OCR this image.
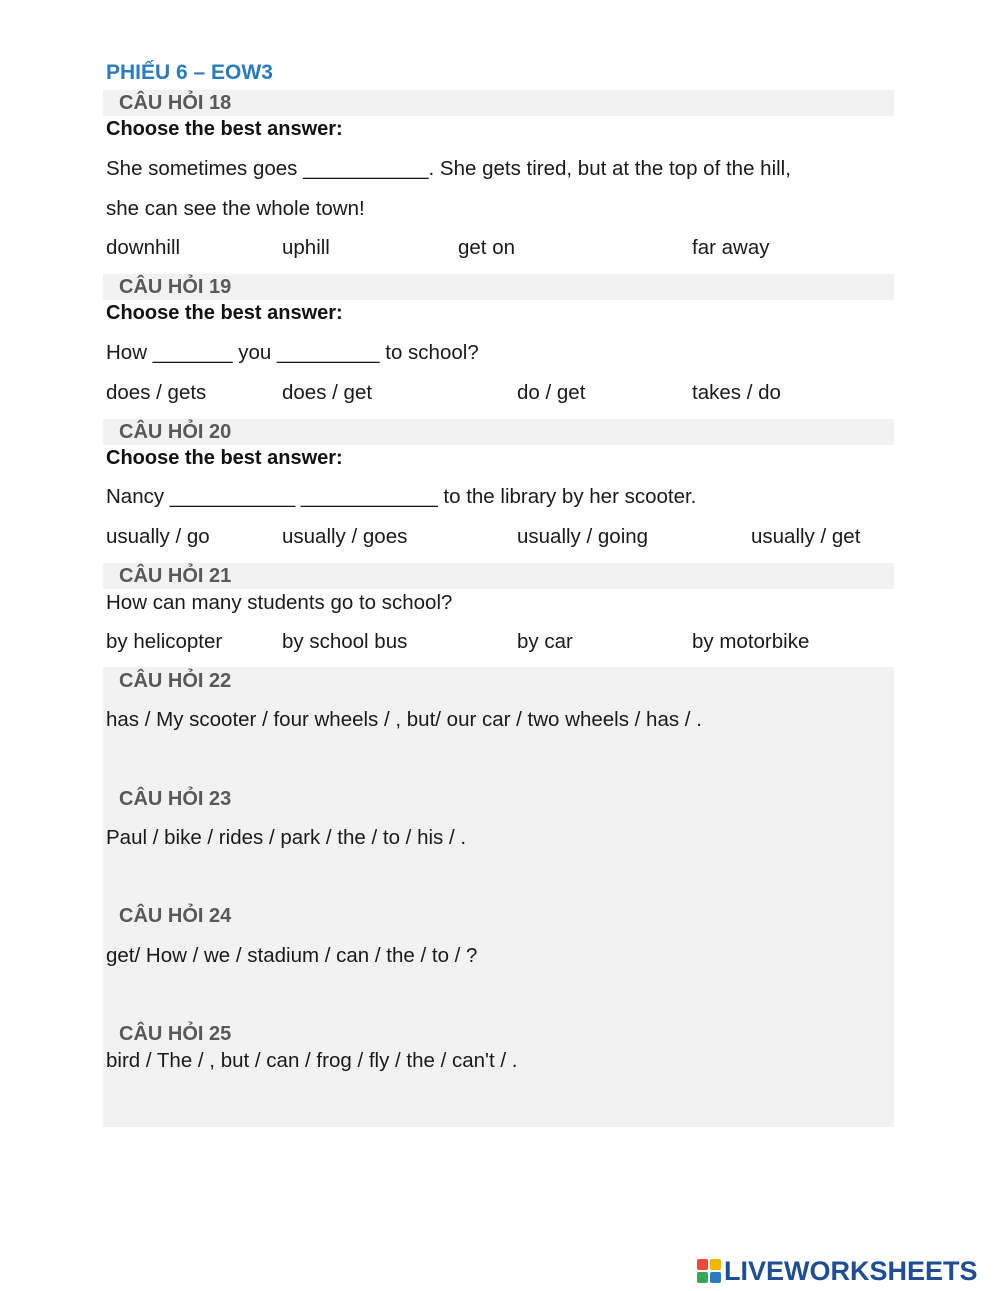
PHIẾU 6 – EOW3
CÂU HỎI 18
Choose the best answer:
She sometimes goes ___________. She gets tired, but at the top of the hill,
she can see the whole town!
downhill	uphill	get on	far away
CÂU HỎI 19
Choose the best answer:
How _______ you _________ to school?
does / gets	does / get	do / get	takes / do
CÂU HỎI 20
Choose the best answer:
Nancy ___________ ____________ to the library by her scooter.
usually / go	usually / goes	usually / going	usually / get
CÂU HỎI 21
How can many students go to school?
by helicopter	by school bus	by car	by motorbike
CÂU HỎI 22
has / My scooter / four wheels / , but/ our car / two wheels / has / .
CÂU HỎI 23
Paul / bike / rides / park / the / to / his / .
CÂU HỎI 24
get/ How / we / stadium / can / the / to / ?
CÂU HỎI 25
bird / The / , but / can / frog / fly / the / can't / .
LIVEWORKSHEETS
